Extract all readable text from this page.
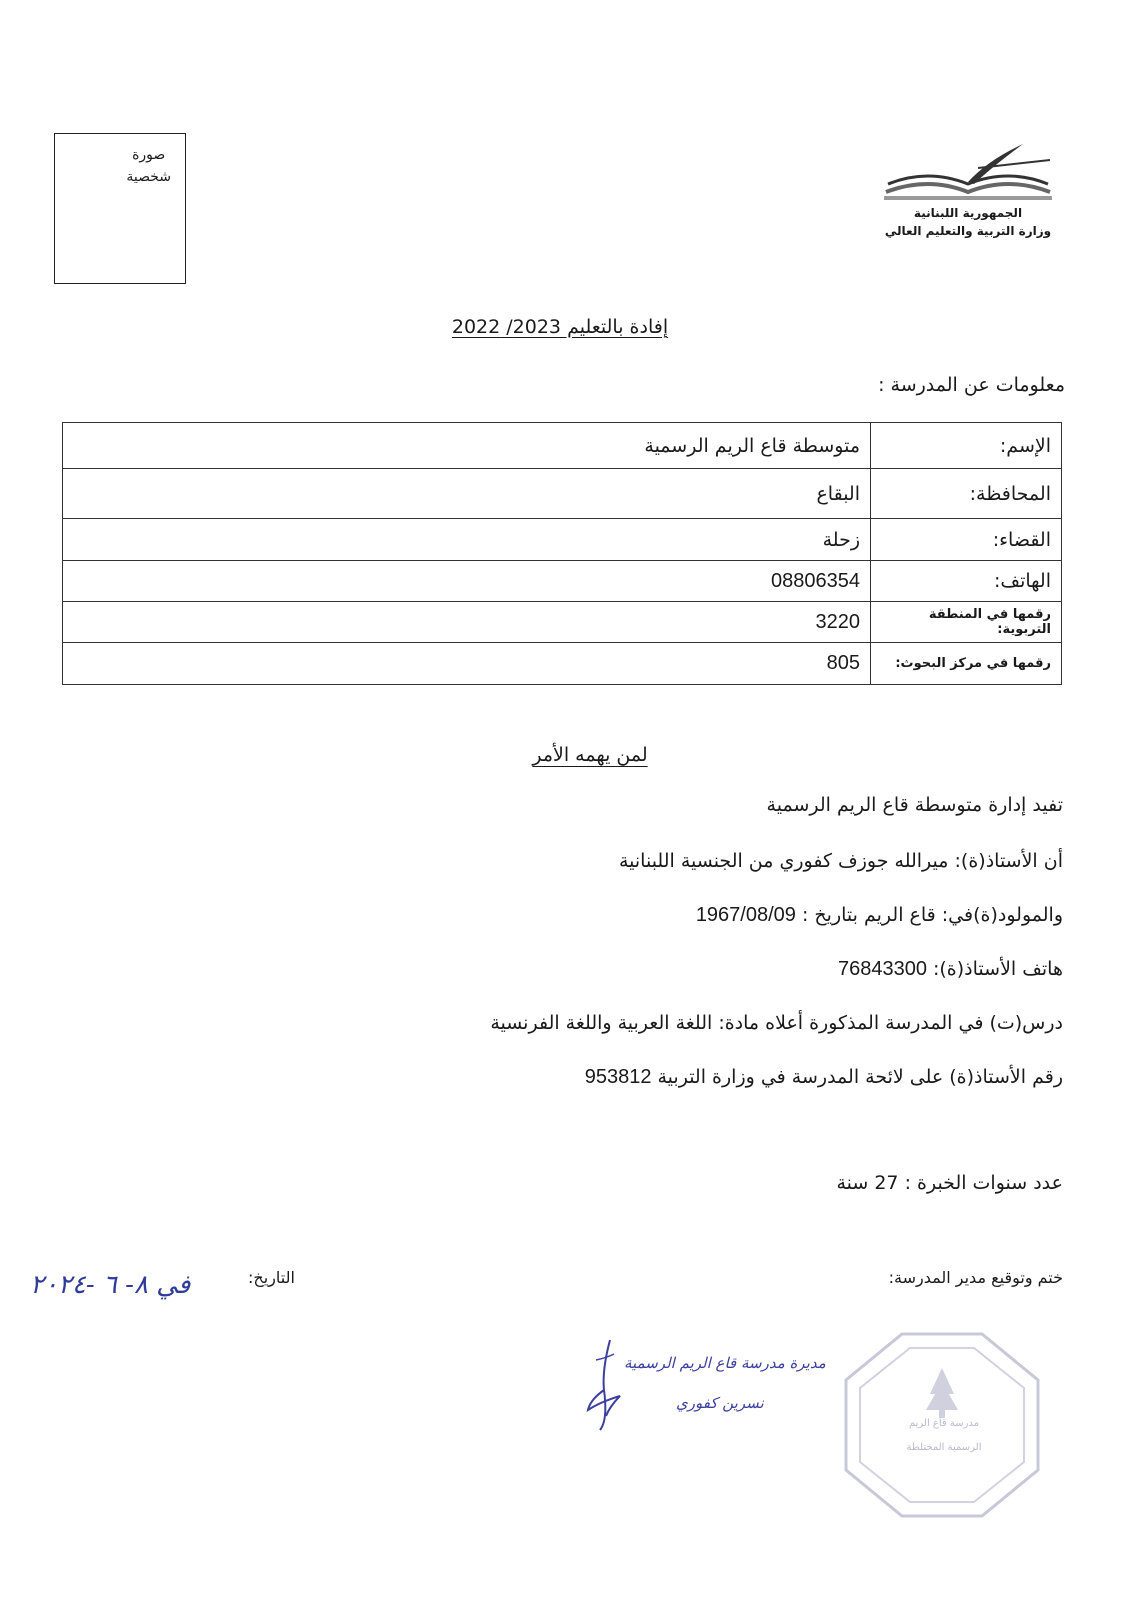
الجمهورية اللبنانية
وزارة التربية والتعليم العالي
صورة
شخصية
إفادة بالتعليم 2023/ 2022
معلومات عن المدرسة :
الإسم:	متوسطة قاع الريم الرسمية
المحافظة:	البقاع
القضاء:	زحلة
الهاتف:	08806354
رقمها في المنطقة التربوية:	3220
رقمها في مركز البحوث:	805
لمن يهمه الأمر
تفيد إدارة متوسطة قاع الريم الرسمية
أن الأستاذ(ة): ميرالله جوزف كفوري من الجنسية اللبنانية
والمولود(ة)في: قاع الريم بتاريخ : 1967/08/09
هاتف الأستاذ(ة): 76843300
درس(ت) في المدرسة المذكورة أعلاه مادة: اللغة العربية واللغة الفرنسية
رقم الأستاذ(ة) على لائحة المدرسة في وزارة التربية 953812
عدد سنوات الخبرة : 27 سنة
ختم وتوقيع مدير المدرسة:
التاريخ:
في ٨- ٦ -٢٠٢٤
مديرة مدرسة قاع الريم الرسمية
نسرين كفوري
مدرسة قاع الريم
الرسمية المختلطة
